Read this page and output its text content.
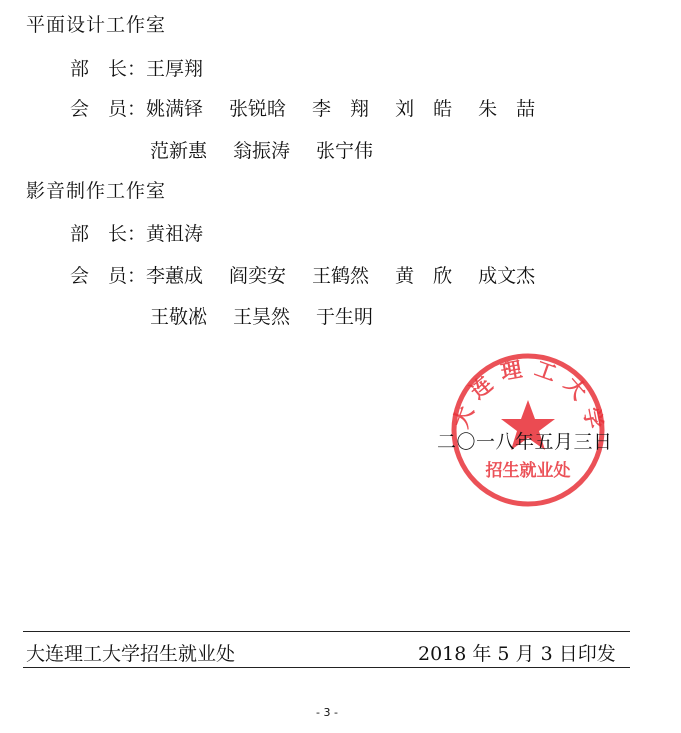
平面设计工作室
部　长：王厚翔
会　员：姚满铎 张锐晗 李　翔 刘　皓 朱　喆
范新惠 翁振涛 张宁伟
影音制作工作室
部　长：黄祖涛
会　员：李蕙成 阎奕安 王鹤然 黄　欣 成文杰
王敬凇 王昊然 于生明
大连理工大学
招生就业处
二〇一八年五月三日
大连理工大学招生就业处	2018 年 5 月 3 日印发
- 3 -
